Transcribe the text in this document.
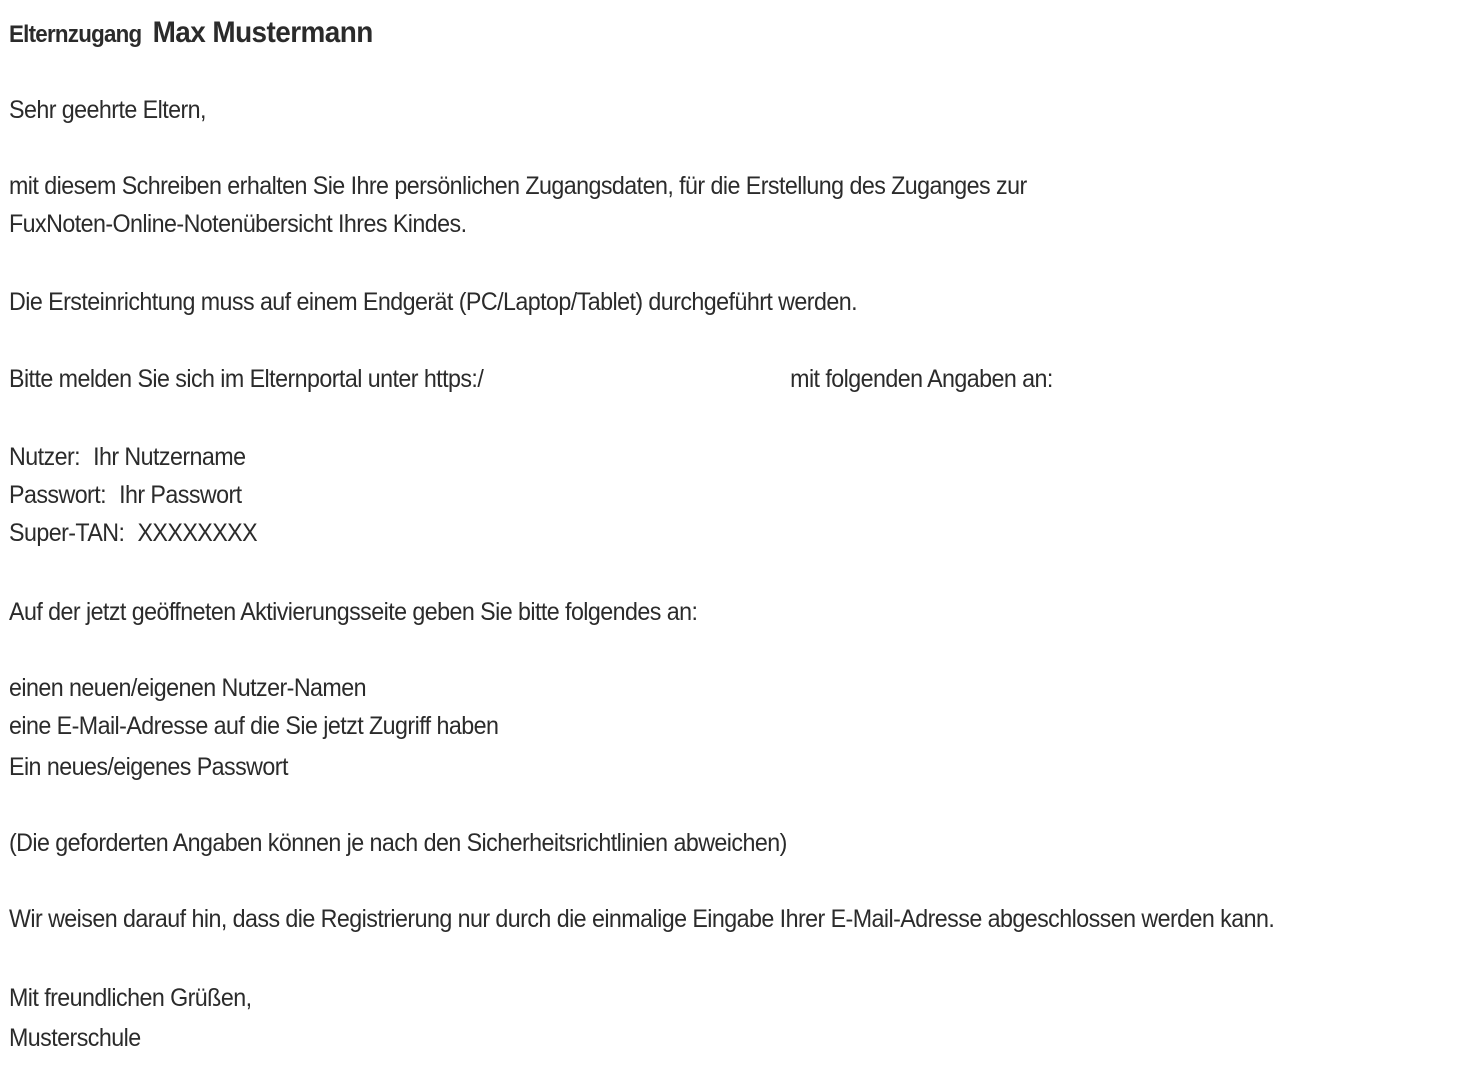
Elternzugang Max Mustermann
Sehr geehrte Eltern,
mit diesem Schreiben erhalten Sie Ihre persönlichen Zugangsdaten, für die Erstellung des Zuganges zur
FuxNoten-Online-Notenübersicht Ihres Kindes.
Die Ersteinrichtung muss auf einem Endgerät (PC/Laptop/Tablet) durchgeführt werden.
Bitte melden Sie sich im Elternportal unter https:/	mit folgenden Angaben an:
Nutzer: Ihr Nutzername
Passwort: Ihr Passwort
Super-TAN: XXXXXXXX
Auf der jetzt geöffneten Aktivierungsseite geben Sie bitte folgendes an:
einen neuen/eigenen Nutzer-Namen
eine E-Mail-Adresse auf die Sie jetzt Zugriff haben
Ein neues/eigenes Passwort
(Die geforderten Angaben können je nach den Sicherheitsrichtlinien abweichen)
Wir weisen darauf hin, dass die Registrierung nur durch die einmalige Eingabe Ihrer E-Mail-Adresse abgeschlossen werden kann.
Mit freundlichen Grüßen,
Musterschule
